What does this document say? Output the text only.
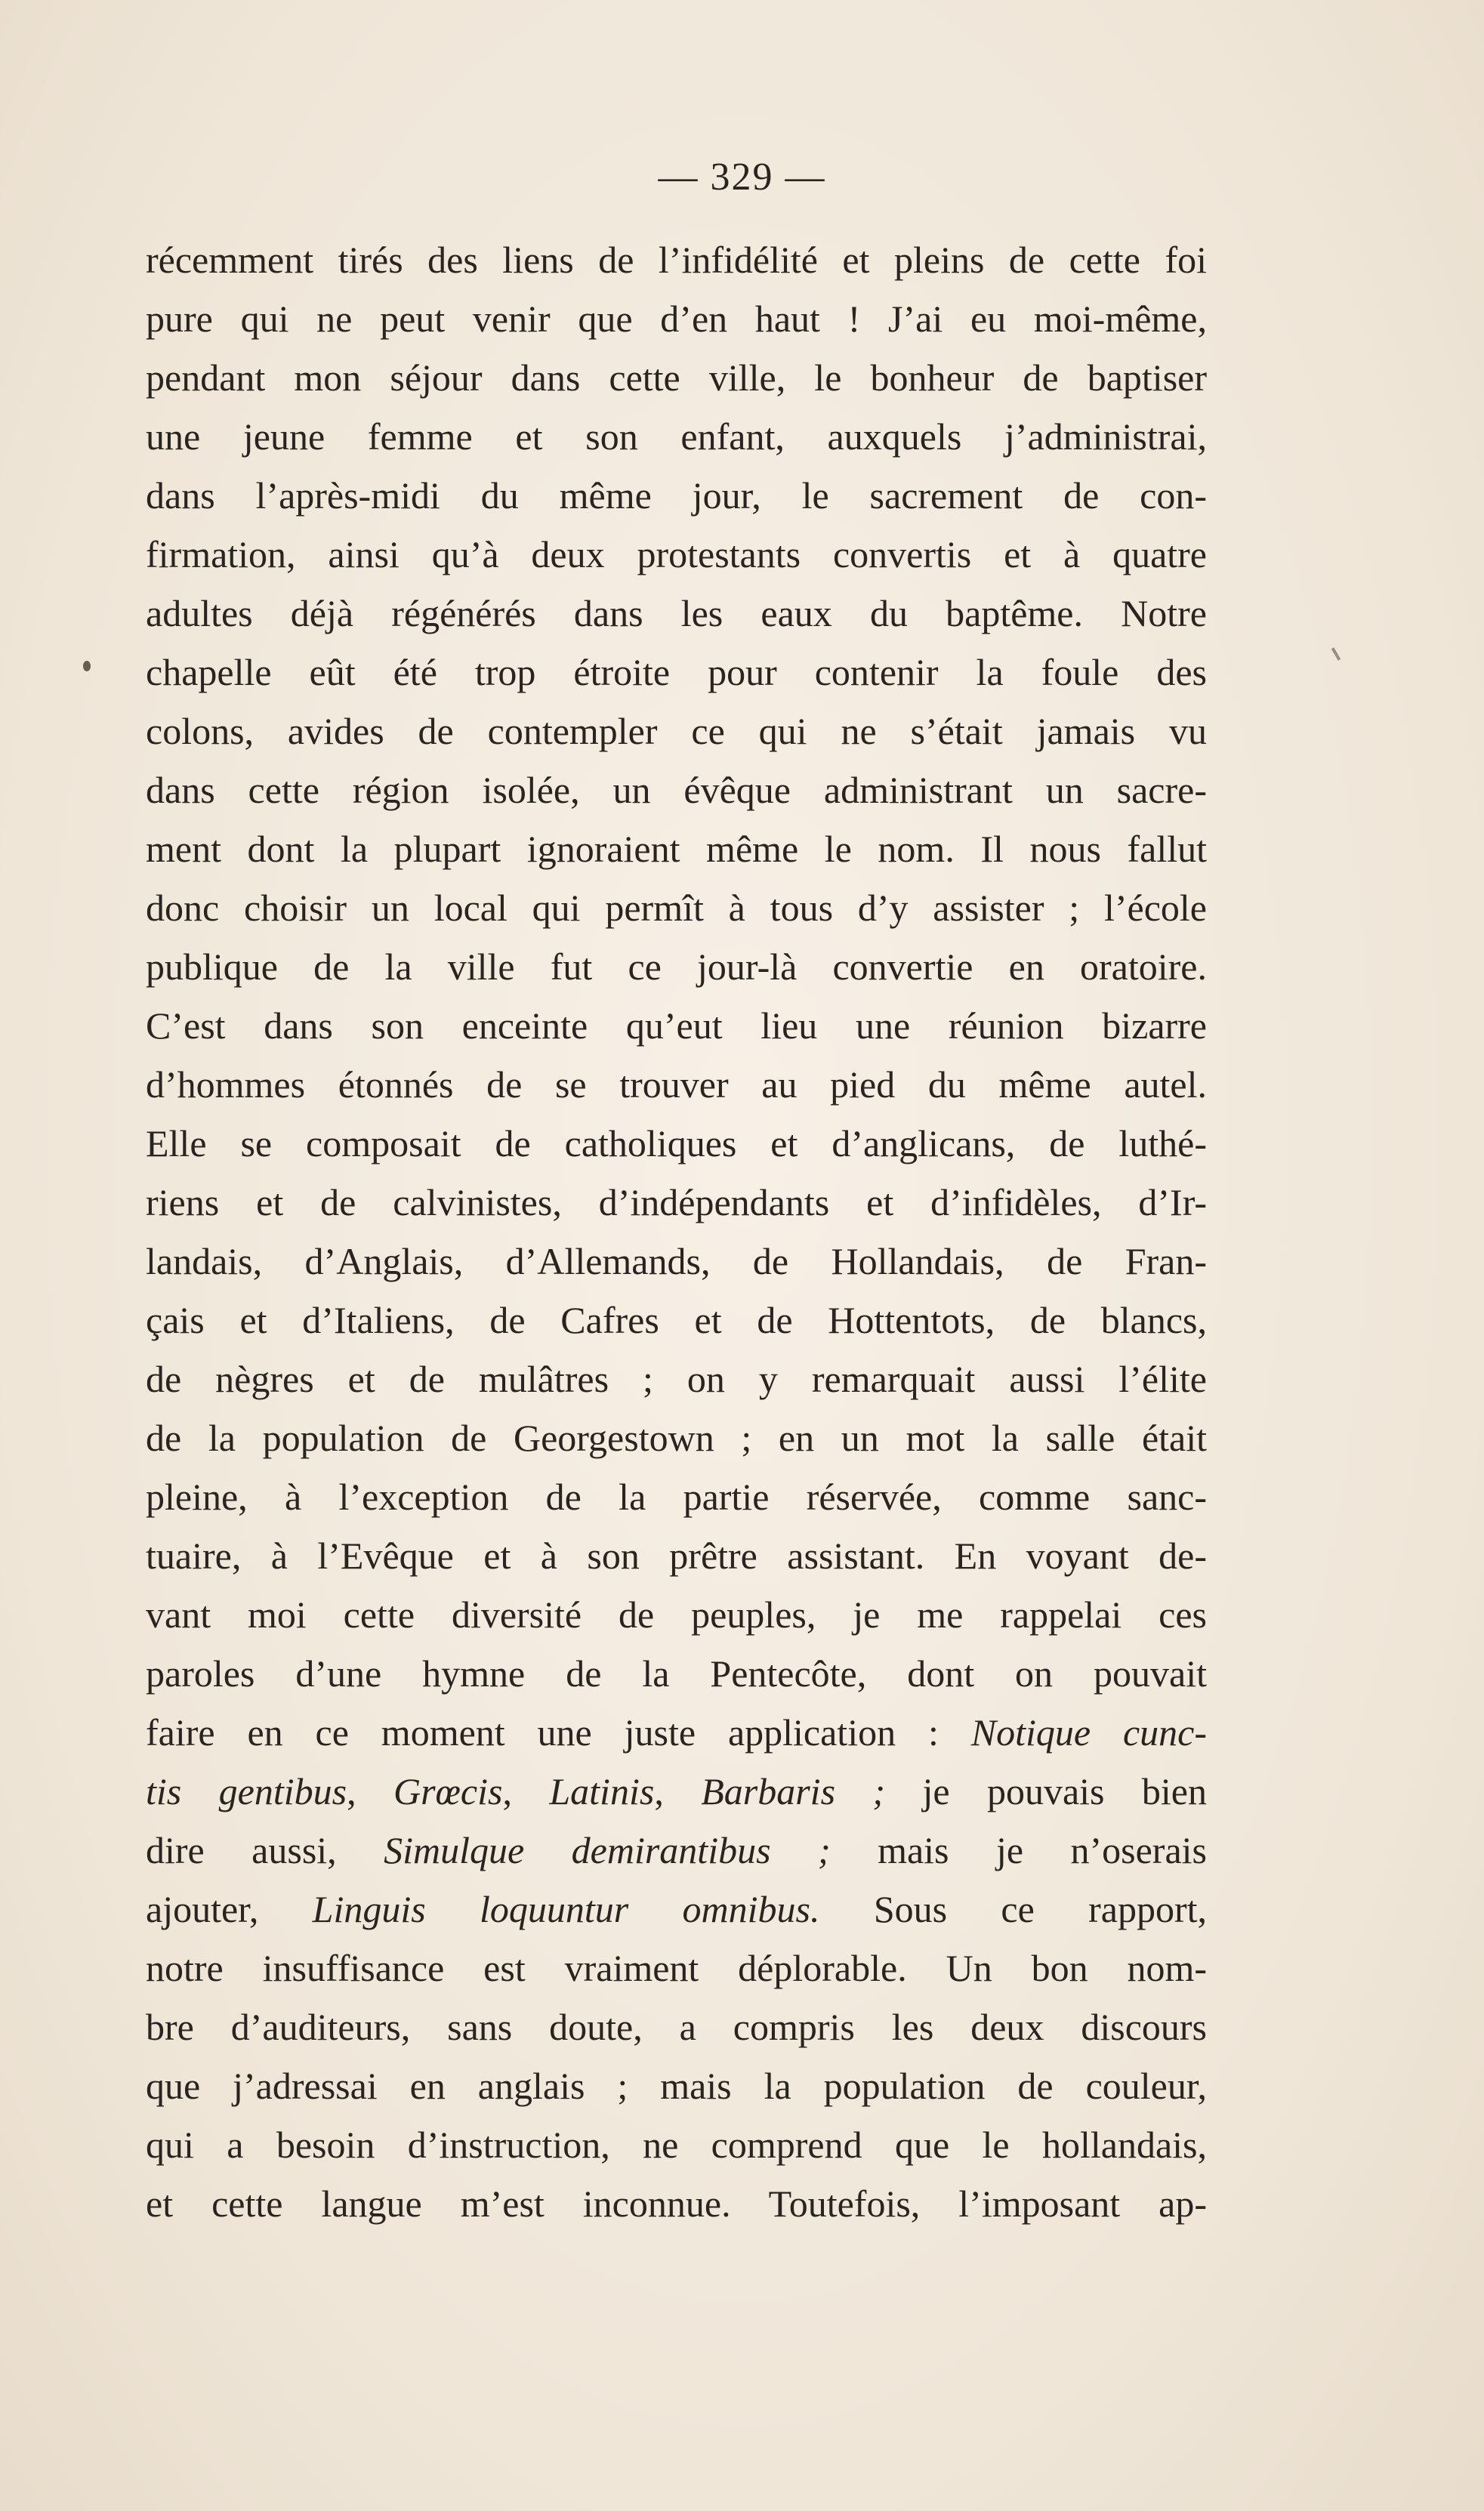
— 329 —
récemment tirés des liens de l’infidélité et pleins de cette foi
pure qui ne peut venir que d’en haut ! J’ai eu moi-même,
pendant mon séjour dans cette ville, le bonheur de baptiser
une jeune femme et son enfant, auxquels j’administrai,
dans l’après-midi du même jour, le sacrement de con-
firmation, ainsi qu’à deux protestants convertis et à quatre
adultes déjà régénérés dans les eaux du baptême. Notre
chapelle eût été trop étroite pour contenir la foule des
colons, avides de contempler ce qui ne s’était jamais vu
dans cette région isolée, un évêque administrant un sacre-
ment dont la plupart ignoraient même le nom. Il nous fallut
donc choisir un local qui permît à tous d’y assister ; l’école
publique de la ville fut ce jour-là convertie en oratoire.
C’est dans son enceinte qu’eut lieu une réunion bizarre
d’hommes étonnés de se trouver au pied du même autel.
Elle se composait de catholiques et d’anglicans, de luthé-
riens et de calvinistes, d’indépendants et d’infidèles, d’Ir-
landais, d’Anglais, d’Allemands, de Hollandais, de Fran-
çais et d’Italiens, de Cafres et de Hottentots, de blancs,
de nègres et de mulâtres ; on y remarquait aussi l’élite
de la population de Georgestown ; en un mot la salle était
pleine, à l’exception de la partie réservée, comme sanc-
tuaire, à l’Evêque et à son prêtre assistant. En voyant de-
vant moi cette diversité de peuples, je me rappelai ces
paroles d’une hymne de la Pentecôte, dont on pouvait
faire en ce moment une juste application : Notique cunc-
tis gentibus, Grœcis, Latinis, Barbaris ; je pouvais bien
dire aussi, Simulque demirantibus ; mais je n’oserais
ajouter, Linguis loquuntur omnibus. Sous ce rapport,
notre insuffisance est vraiment déplorable. Un bon nom-
bre d’auditeurs, sans doute, a compris les deux discours
que j’adressai en anglais ; mais la population de couleur,
qui a besoin d’instruction, ne comprend que le hollandais,
et cette langue m’est inconnue. Toutefois, l’imposant ap-
